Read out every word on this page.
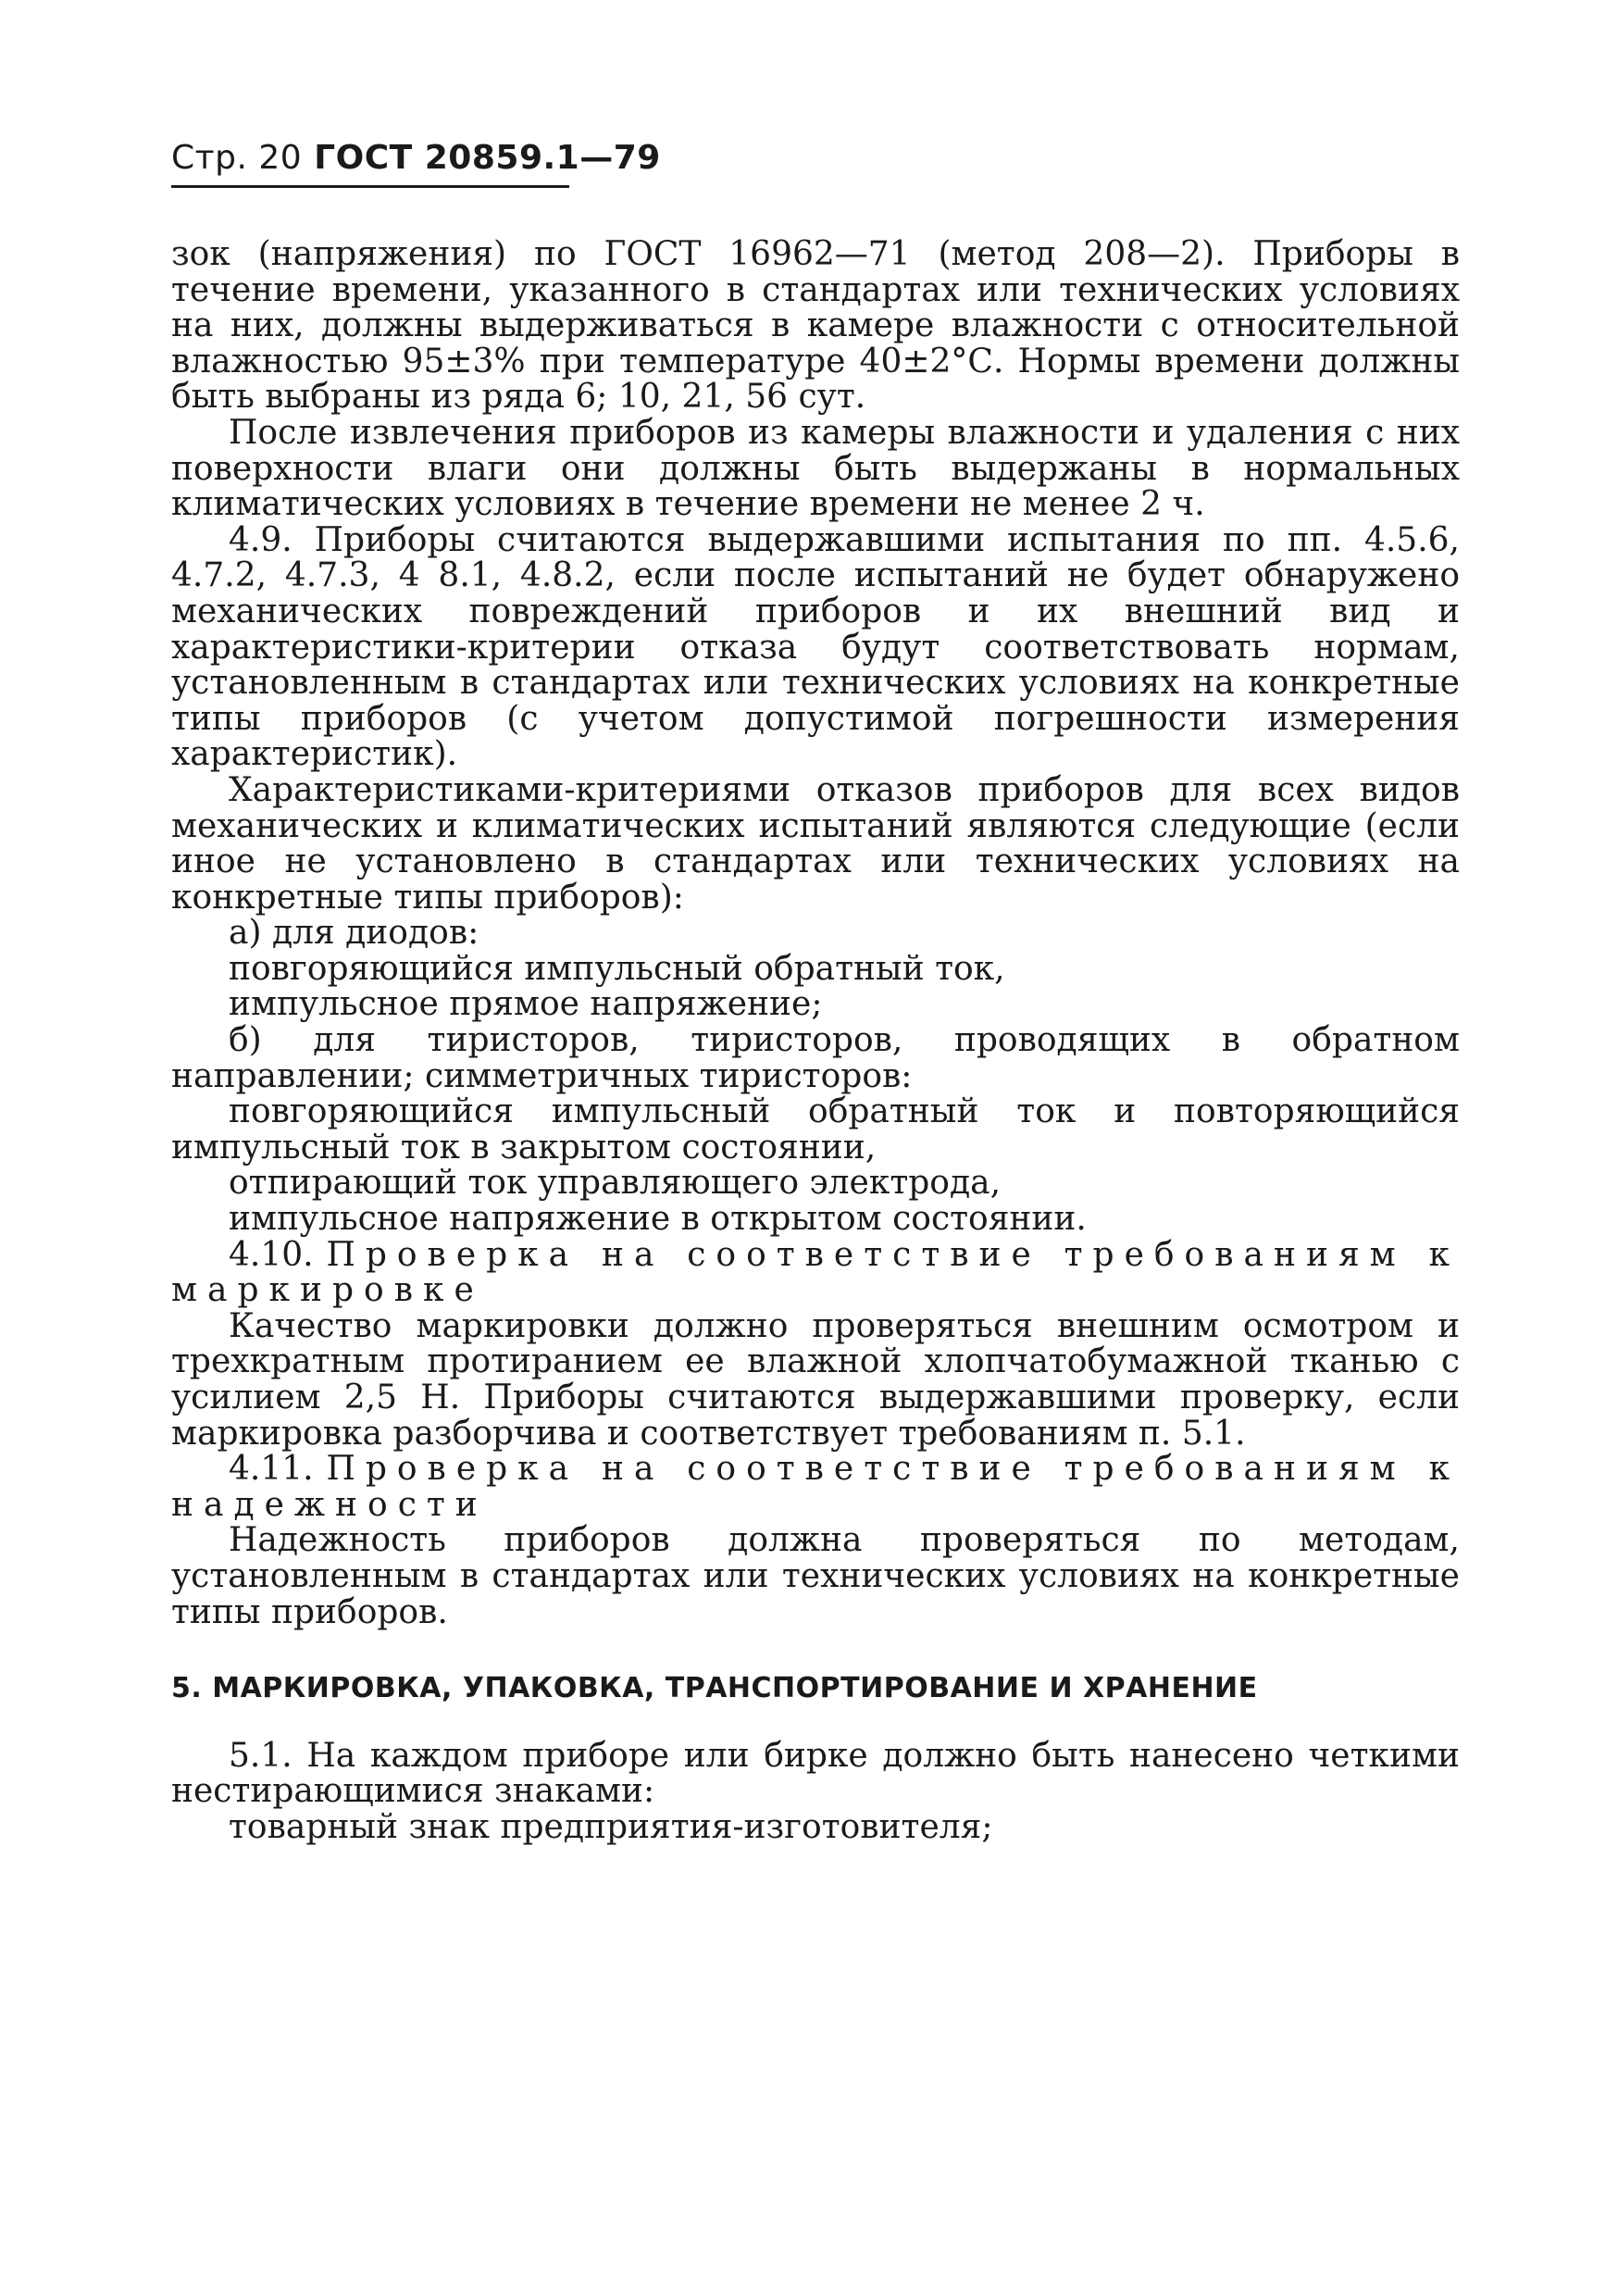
Стр. 20 ГОСТ 20859.1—79

зок (напряжения) по ГОСТ 16962—71 (метод 208—2). Приборы в течение времени, указанного в стандартах или технических условиях на них, должны выдерживаться в камере влажности с относительной влажностью 95±3% при температуре 40±2°С. Нормы времени должны быть выбраны из ряда 6; 10, 21, 56 сут.

После извлечения приборов из камеры влажности и удаления с них поверхности влаги они должны быть выдержаны в нормальных климатических условиях в течение времени не менее 2 ч.

4.9. Приборы считаются выдержавшими испытания по пп. 4.5.6, 4.7.2, 4.7.3, 4 8.1, 4.8.2, если после испытаний не будет обнаружено механических повреждений приборов и их внешний вид и характеристики-критерии отказа будут соответствовать нормам, установленным в стандартах или технических условиях на конкретные типы приборов (с учетом допустимой погрешности измерения характеристик).

Характеристиками-критериями отказов приборов для всех видов механических и климатических испытаний являются следующие (если иное не установлено в стандартах или технических условиях на конкретные типы приборов):

а) для диодов:

повгоряющийся импульсный обратный ток,

импульсное прямое напряжение;

б) для тиристоров, тиристоров, проводящих в обратном направлении; симметричных тиристоров:

повгоряющийся импульсный обратный ток и повторяющийся импульсный ток в закрытом состоянии,

отпирающий ток управляющего электрода,

импульсное напряжение в открытом состоянии.

4.10. Проверка на соответствие требованиям к маркировке

Качество маркировки должно проверяться внешним осмотром и трехкратным протиранием ее влажной хлопчатобумажной тканью с усилием 2,5 Н. Приборы считаются выдержавшими проверку, если маркировка разборчива и соответствует требованиям п. 5.1.

4.11. Проверка на соответствие требованиям к надежности

Надежность приборов должна проверяться по методам, установленным в стандартах или технических условиях на конкретные типы приборов.

5. МАРКИРОВКА, УПАКОВКА, ТРАНСПОРТИРОВАНИЕ И ХРАНЕНИЕ

5.1. На каждом приборе или бирке должно быть нанесено четкими нестирающимися знаками:

товарный знак предприятия-изготовителя;
